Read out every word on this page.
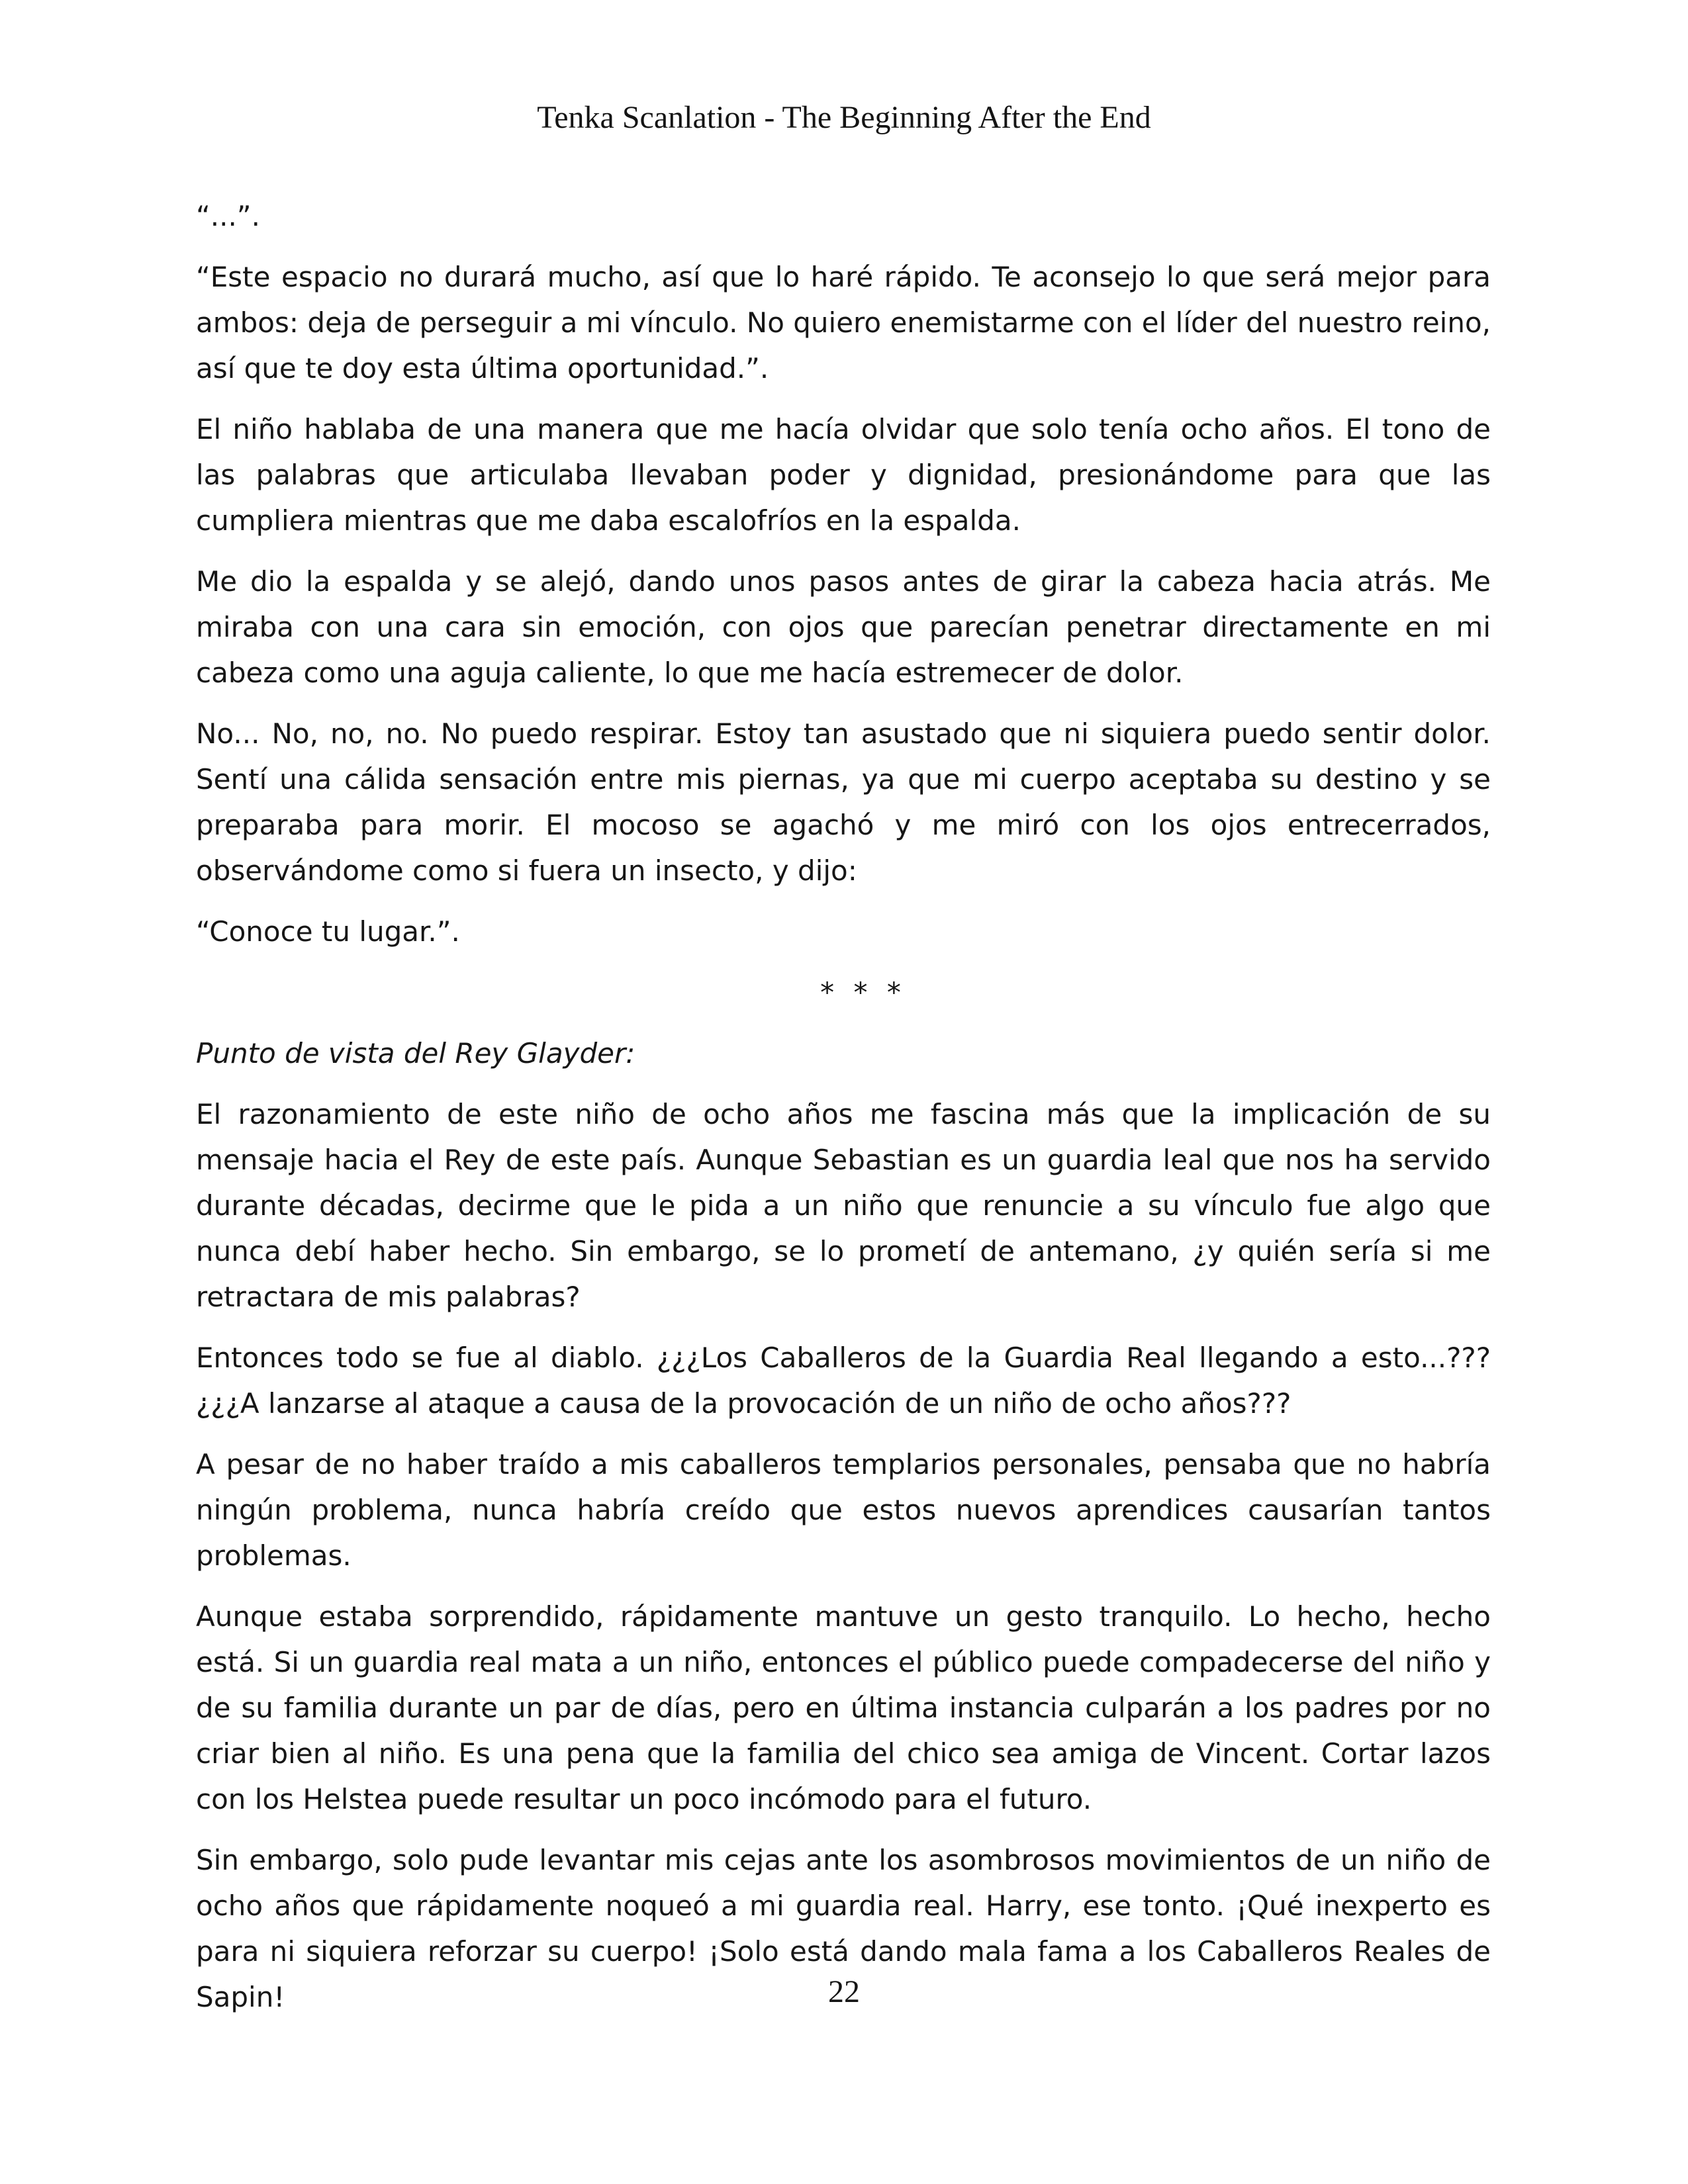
Tenka Scanlation - The Beginning After the End

“...”.

“Este espacio no durará mucho, así que lo haré rápido. Te aconsejo lo que será mejor para ambos: deja de perseguir a mi vínculo. No quiero enemistarme con el líder del nuestro reino, así que te doy esta última oportunidad.”.

El niño hablaba de una manera que me hacía olvidar que solo tenía ocho años. El tono de las palabras que articulaba llevaban poder y dignidad, presionándome para que las cumpliera mientras que me daba escalofríos en la espalda.

Me dio la espalda y se alejó, dando unos pasos antes de girar la cabeza hacia atrás. Me miraba con una cara sin emoción, con ojos que parecían penetrar directamente en mi cabeza como una aguja caliente, lo que me hacía estremecer de dolor.

No... No, no, no. No puedo respirar. Estoy tan asustado que ni siquiera puedo sentir dolor. Sentí una cálida sensación entre mis piernas, ya que mi cuerpo aceptaba su destino y se preparaba para morir. El mocoso se agachó y me miró con los ojos entrecerrados, observándome como si fuera un insecto, y dijo:

“Conoce tu lugar.”.

* * *

Punto de vista del Rey Glayder:

El razonamiento de este niño de ocho años me fascina más que la implicación de su mensaje hacia el Rey de este país. Aunque Sebastian es un guardia leal que nos ha servido durante décadas, decirme que le pida a un niño que renuncie a su vínculo fue algo que nunca debí haber hecho. Sin embargo, se lo prometí de antemano, ¿y quién sería si me retractara de mis palabras?

Entonces todo se fue al diablo. ¿¿¿Los Caballeros de la Guardia Real llegando a esto...??? ¿¿¿A lanzarse al ataque a causa de la provocación de un niño de ocho años???

A pesar de no haber traído a mis caballeros templarios personales, pensaba que no habría ningún problema, nunca habría creído que estos nuevos aprendices causarían tantos problemas.

Aunque estaba sorprendido, rápidamente mantuve un gesto tranquilo. Lo hecho, hecho está. Si un guardia real mata a un niño, entonces el público puede compadecerse del niño y de su familia durante un par de días, pero en última instancia culparán a los padres por no criar bien al niño. Es una pena que la familia del chico sea amiga de Vincent. Cortar lazos con los Helstea puede resultar un poco incómodo para el futuro.

Sin embargo, solo pude levantar mis cejas ante los asombrosos movimientos de un niño de ocho años que rápidamente noqueó a mi guardia real. Harry, ese tonto. ¡Qué inexperto es para ni siquiera reforzar su cuerpo! ¡Solo está dando mala fama a los Caballeros Reales de Sapin!	22
